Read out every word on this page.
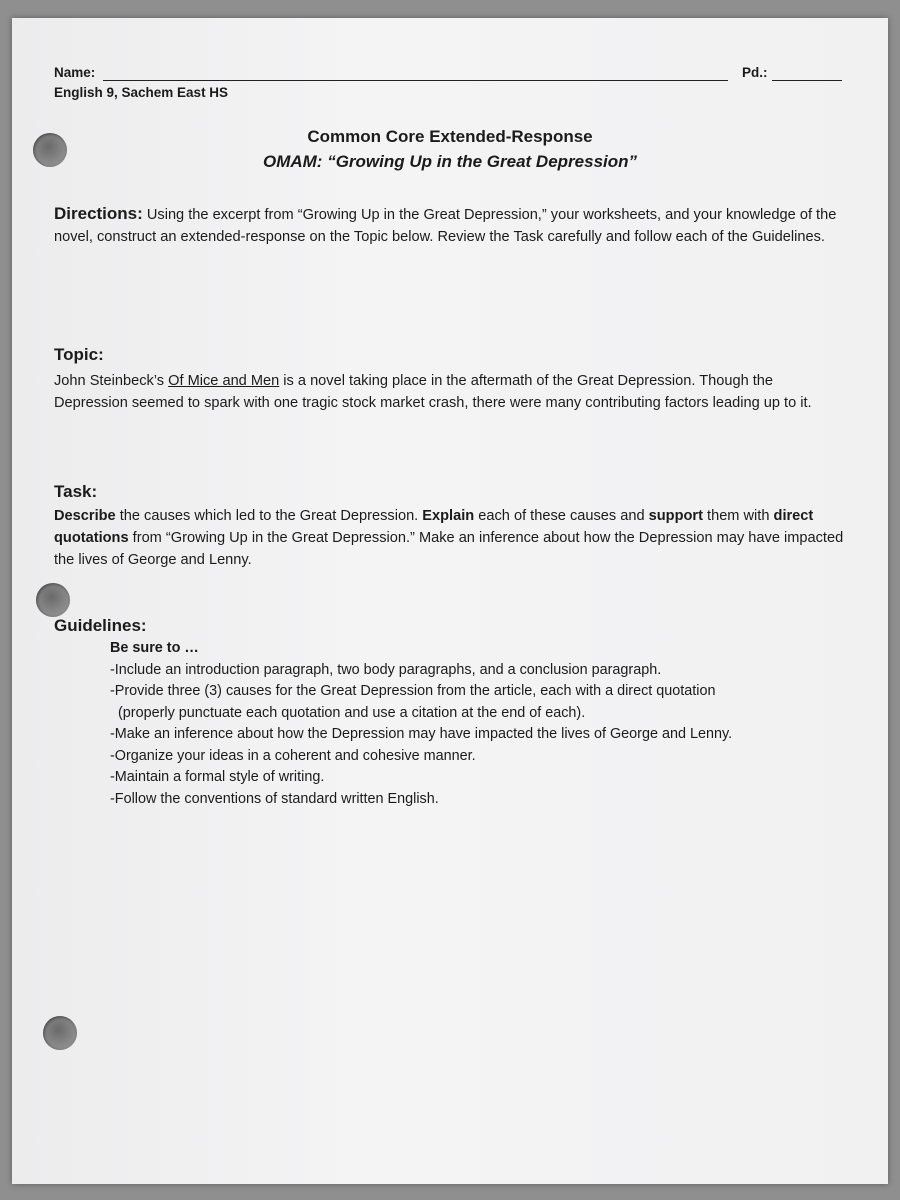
Name:	Pd.:
English 9, Sachem East HS
Common Core Extended-Response
OMAM: “Growing Up in the Great Depression”
Directions: Using the excerpt from “Growing Up in the Great Depression,” your worksheets, and your knowledge of the novel, construct an extended-response on the Topic below. Review the Task carefully and follow each of the Guidelines.
Topic:
John Steinbeck’s Of Mice and Men is a novel taking place in the aftermath of the Great Depression. Though the Depression seemed to spark with one tragic stock market crash, there were many contributing factors leading up to it.
Task:
Describe the causes which led to the Great Depression. Explain each of these causes and support them with direct quotations from “Growing Up in the Great Depression.” Make an inference about how the Depression may have impacted the lives of George and Lenny.
Guidelines:
Be sure to …
-Include an introduction paragraph, two body paragraphs, and a conclusion paragraph.
-Provide three (3) causes for the Great Depression from the article, each with a direct quotation
(properly punctuate each quotation and use a citation at the end of each).
-Make an inference about how the Depression may have impacted the lives of George and Lenny.
-Organize your ideas in a coherent and cohesive manner.
-Maintain a formal style of writing.
-Follow the conventions of standard written English.
